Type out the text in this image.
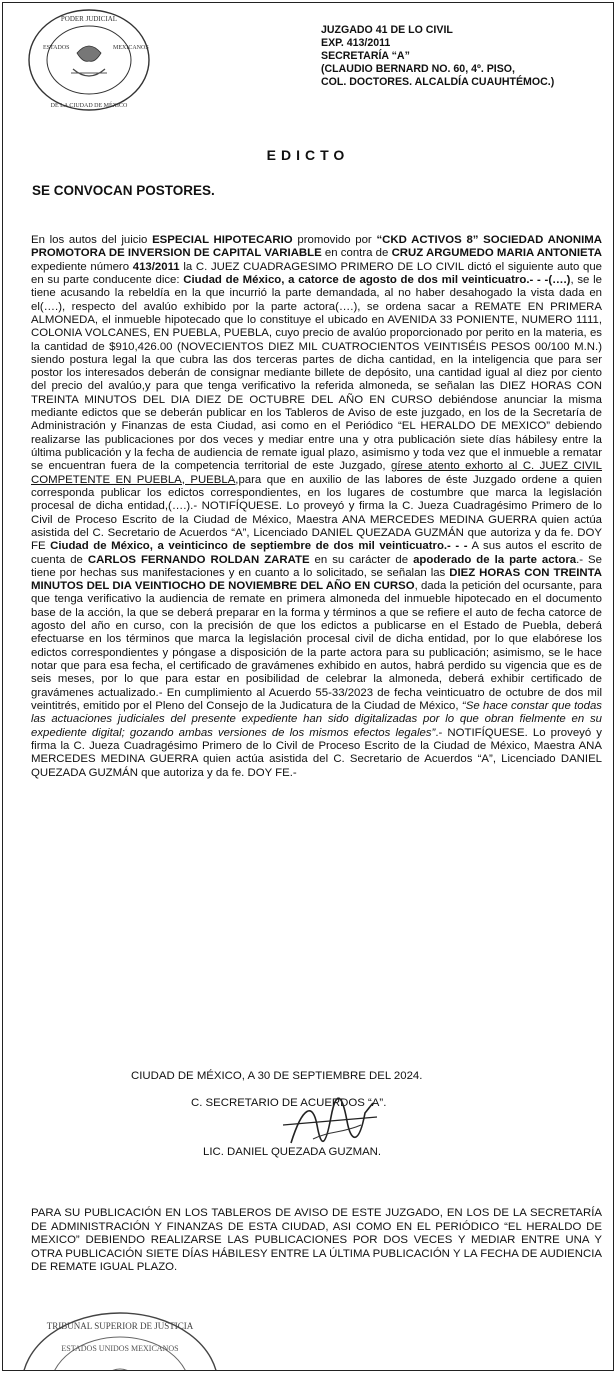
PODER JUDICIAL
ESTADOS	MEXICANOS
DE LA CIUDAD DE MÉXICO
JUZGADO 41 DE LO CIVIL
EXP. 413/2011
SECRETARÍA “A”
(CLAUDIO BERNARD NO. 60, 4º. PISO,
COL. DOCTORES. ALCALDÍA CUAUHTÉMOC.)
EDICTO
SE CONVOCAN POSTORES.
En los autos del juicio ESPECIAL HIPOTECARIO promovido por “CKD ACTIVOS 8” SOCIEDAD ANONIMA PROMOTORA DE INVERSION DE CAPITAL VARIABLE en contra de CRUZ ARGUMEDO MARIA ANTONIETA expediente número 413/2011 la C. JUEZ CUADRAGESIMO PRIMERO DE LO CIVIL dictó el siguiente auto que en su parte conducente dice: Ciudad de México, a catorce de agosto de dos mil veinticuatro.- - -(….), se le tiene acusando la rebeldía en la que incurrió la parte demandada, al no haber desahogado la vista dada en el(….), respecto del avalúo exhibido por la parte actora(….), se ordena sacar a REMATE EN PRIMERA ALMONEDA, el inmueble hipotecado que lo constituye el ubicado en AVENIDA 33 PONIENTE, NUMERO 1111, COLONIA VOLCANES, EN PUEBLA, PUEBLA, cuyo precio de avalúo proporcionado por perito en la materia, es la cantidad de $910,426.00 (NOVECIENTOS DIEZ MIL CUATROCIENTOS VEINTISÉIS PESOS 00/100 M.N.) siendo postura legal la que cubra las dos terceras partes de dicha cantidad, en la inteligencia que para ser postor los interesados deberán de consignar mediante billete de depósito, una cantidad igual al diez por ciento del precio del avalúo,y para que tenga verificativo la referida almoneda, se señalan las DIEZ HORAS CON TREINTA MINUTOS DEL DIA DIEZ DE OCTUBRE DEL AÑO EN CURSO debiéndose anunciar la misma mediante edictos que se deberán publicar en los Tableros de Aviso de este juzgado, en los de la Secretaría de Administración y Finanzas de esta Ciudad, asi como en el Periódico “EL HERALDO DE MEXICO” debiendo realizarse las publicaciones por dos veces y mediar entre una y otra publicación siete días hábilesy entre la última publicación y la fecha de audiencia de remate igual plazo, asimismo y toda vez que el inmueble a rematar se encuentran fuera de la competencia territorial de este Juzgado, gírese atento exhorto al C. JUEZ CIVIL COMPETENTE EN PUEBLA, PUEBLA,para que en auxilio de las labores de éste Juzgado ordene a quien corresponda publicar los edictos correspondientes, en los lugares de costumbre que marca la legislación procesal de dicha entidad,(….).- NOTIFÍQUESE. Lo proveyó y firma la C. Jueza Cuadragésimo Primero de lo Civil de Proceso Escrito de la Ciudad de México, Maestra ANA MERCEDES MEDINA GUERRA quien actúa asistida del C. Secretario de Acuerdos “A”, Licenciado DANIEL QUEZADA GUZMÁN que autoriza y da fe. DOY FE Ciudad de México, a veinticinco de septiembre de dos mil veinticuatro.- - - A sus autos el escrito de cuenta de CARLOS FERNANDO ROLDAN ZARATE en su carácter de apoderado de la parte actora.- Se tiene por hechas sus manifestaciones y en cuanto a lo solicitado, se señalan las DIEZ HORAS CON TREINTA MINUTOS DEL DIA VEINTIOCHO DE NOVIEMBRE DEL AÑO EN CURSO, dada la petición del ocursante, para que tenga verificativo la audiencia de remate en primera almoneda del inmueble hipotecado en el documento base de la acción, la que se deberá preparar en la forma y términos a que se refiere el auto de fecha catorce de agosto del año en curso, con la precisión de que los edictos a publicarse en el Estado de Puebla, deberá efectuarse en los términos que marca la legislación procesal civil de dicha entidad, por lo que elabórese los edictos correspondientes y póngase a disposición de la parte actora para su publicación; asimismo, se le hace notar que para esa fecha, el certificado de gravámenes exhibido en autos, habrá perdido su vigencia que es de seis meses, por lo que para estar en posibilidad de celebrar la almoneda, deberá exhibir certificado de gravámenes actualizado.- En cumplimiento al Acuerdo 55-33/2023 de fecha veinticuatro de octubre de dos mil veintitrés, emitido por el Pleno del Consejo de la Judicatura de la Ciudad de México, “Se hace constar que todas las actuaciones judiciales del presente expediente han sido digitalizadas por lo que obran fielmente en su expediente digital; gozando ambas versiones de los mismos efectos legales”.- NOTIFÍQUESE. Lo proveyó y firma la C. Jueza Cuadragésimo Primero de lo Civil de Proceso Escrito de la Ciudad de México, Maestra ANA MERCEDES MEDINA GUERRA quien actúa asistida del C. Secretario de Acuerdos “A”, Licenciado DANIEL QUEZADA GUZMÁN que autoriza y da fe. DOY FE.-
CIUDAD DE MÉXICO, A 30 DE SEPTIEMBRE DEL 2024.
C. SECRETARIO DE ACUERDOS “A”.
LIC. DANIEL QUEZADA GUZMAN.
PARA SU PUBLICACIÓN EN LOS TABLEROS DE AVISO DE ESTE JUZGADO, EN LOS DE LA SECRETARÍA DE ADMINISTRACIÓN Y FINANZAS DE ESTA CIUDAD, ASI COMO EN EL PERIÓDICO “EL HERALDO DE MEXICO” DEBIENDO REALIZARSE LAS PUBLICACIONES POR DOS VECES Y MEDIAR ENTRE UNA Y OTRA PUBLICACIÓN SIETE DÍAS HÁBILESY ENTRE LA ÚLTIMA PUBLICACIÓN Y LA FECHA DE AUDIENCIA DE REMATE IGUAL PLAZO.
TRIBUNAL SUPERIOR DE JUSTICIA
ESTADOS UNIDOS MEXICANOS
